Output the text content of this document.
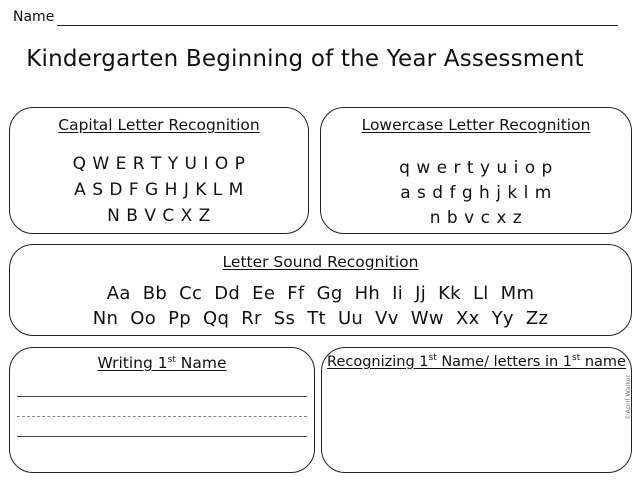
Name
Kindergarten Beginning of the Year Assessment
Capital Letter Recognition
Q W E R T Y U I O P
A S D F G H J K L M
N B V C X Z
Lowercase Letter Recognition
q w e r t y u i o p
a s d f g h j k l m
n b v c x z
Letter Sound Recognition
Aa  Bb  Cc  Dd  Ee  Ff  Gg  Hh  Ii  Jj  Kk  Ll  Mm
Nn  Oo  Pp  Qq  Rr  Ss  Tt  Uu  Vv  Ww  Xx  Yy  Zz
Writing 1st Name	Recognizing 1st Name/ letters in 1st name
©April Walker
